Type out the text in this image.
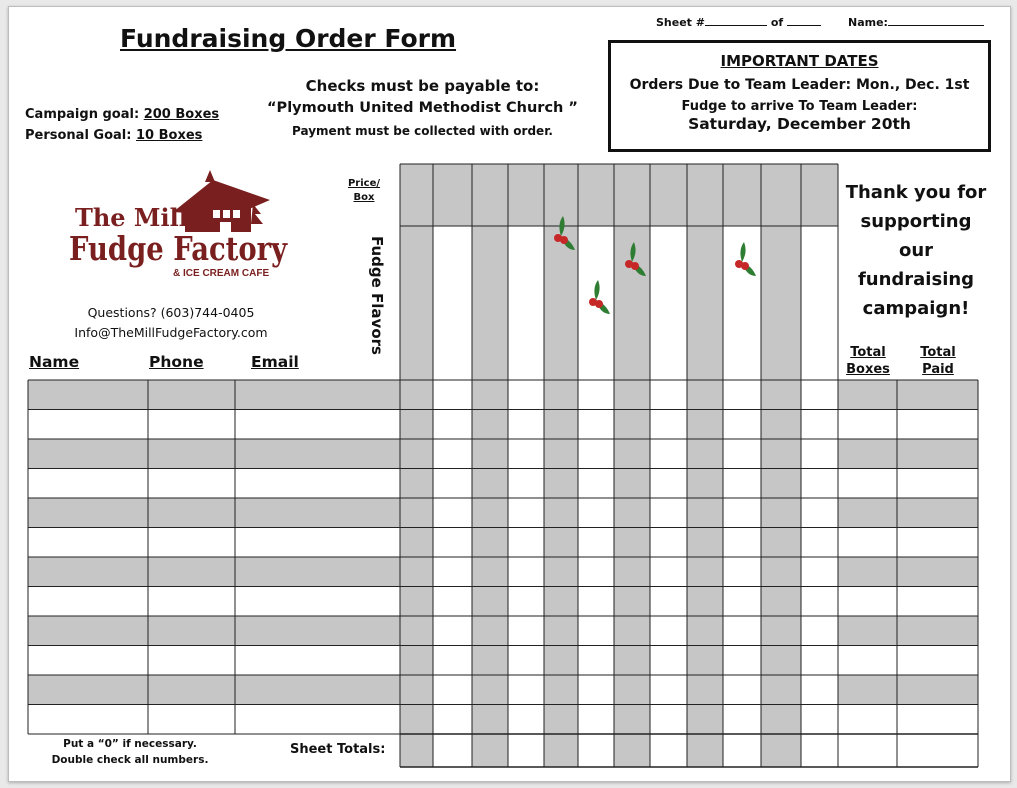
Fundraising Order Form
Sheet #	of	Name:
Campaign goal: 200 Boxes
Personal Goal: 10 Boxes
Checks must be payable to:
“Plymouth United Methodist Church ”
Payment must be collected with order.
IMPORTANT DATES
Orders Due to Team Leader: Mon., Dec. 1st
Fudge to arrive To Team Leader:
Saturday, December 20th
The Mill
Fudge Factory
& ICE CREAM CAFE
Questions? (603)744-0405
Info@TheMillFudgeFactory.com
Thank you for
supporting
our
fundraising
campaign!
Price/
Box
Fudge Flavors
Name	Phone	Email
Total
Boxes
Total
Paid
Put a “0” if necessary.
Double check all numbers.
Sheet Totals:
